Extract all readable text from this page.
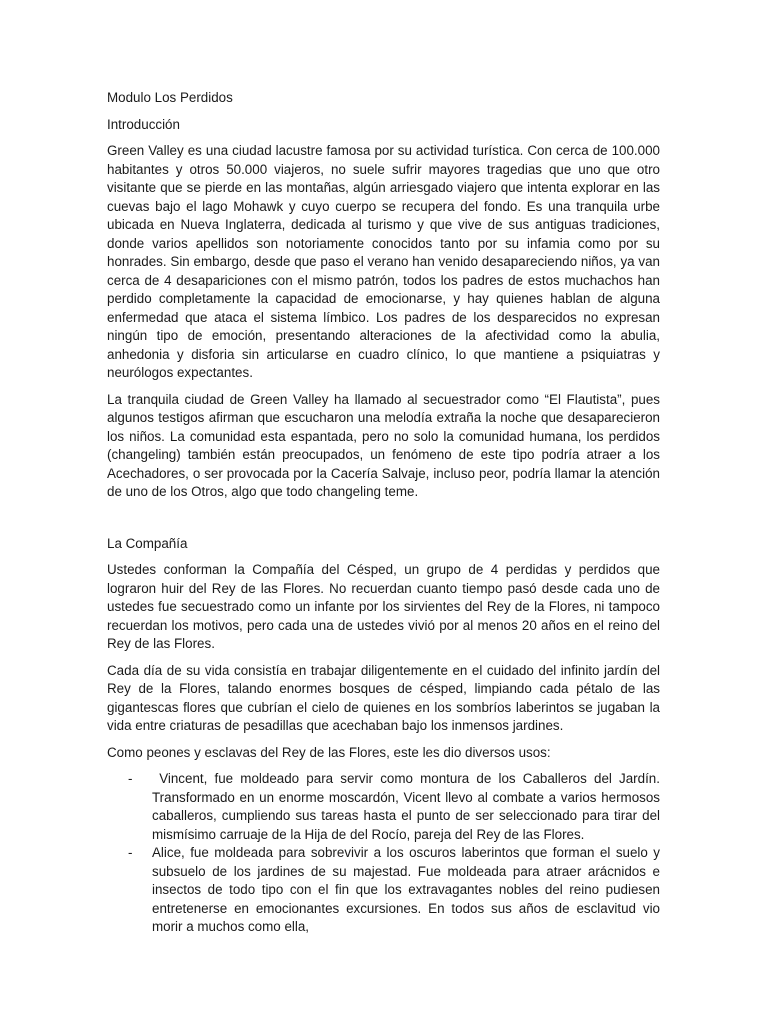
Modulo Los Perdidos

Introducción

Green Valley es una ciudad lacustre famosa por su actividad turística. Con cerca de 100.000 habitantes y otros 50.000 viajeros, no suele sufrir mayores tragedias que uno que otro visitante que se pierde en las montañas, algún arriesgado viajero que intenta explorar en las cuevas bajo el lago Mohawk y cuyo cuerpo se recupera del fondo. Es una tranquila urbe ubicada en Nueva Inglaterra, dedicada al turismo y que vive de sus antiguas tradiciones, donde varios apellidos son notoriamente conocidos tanto por su infamia como por su honrades. Sin embargo, desde que paso el verano han venido desapareciendo niños, ya van cerca de 4 desapariciones con el mismo patrón, todos los padres de estos muchachos han perdido completamente la capacidad de emocionarse, y hay quienes hablan de alguna enfermedad que ataca el sistema límbico. Los padres de los desparecidos no expresan ningún tipo de emoción, presentando alteraciones de la afectividad como la abulia, anhedonia y disforia sin articularse en cuadro clínico, lo que mantiene a psiquiatras y neurólogos expectantes.

La tranquila ciudad de Green Valley ha llamado al secuestrador como “El Flautista”, pues algunos testigos afirman que escucharon una melodía extraña la noche que desaparecieron los niños. La comunidad esta espantada, pero no solo la comunidad humana, los perdidos (changeling) también están preocupados, un fenómeno de este tipo podría atraer a los Acechadores, o ser provocada por la Cacería Salvaje, incluso peor, podría llamar la atención de uno de los Otros, algo que todo changeling teme.

La Compañía

Ustedes conforman la Compañía del Césped, un grupo de 4 perdidas y perdidos que lograron huir del Rey de las Flores. No recuerdan cuanto tiempo pasó desde cada uno de ustedes fue secuestrado como un infante por los sirvientes del Rey de la Flores, ni tampoco recuerdan los motivos, pero cada una de ustedes vivió por al menos 20 años en el reino del Rey de las Flores.

Cada día de su vida consistía en trabajar diligentemente en el cuidado del infinito jardín del Rey de la Flores, talando enormes bosques de césped, limpiando cada pétalo de las gigantescas flores que cubrían el cielo de quienes en los sombríos laberintos se jugaban la vida entre criaturas de pesadillas que acechaban bajo los inmensos jardines.

Como peones y esclavas del Rey de las Flores, este les dio diversos usos:

- Vincent, fue moldeado para servir como montura de los Caballeros del Jardín. Transformado en un enorme moscardón, Vicent llevo al combate a varios hermosos caballeros, cumpliendo sus tareas hasta el punto de ser seleccionado para tirar del mismísimo carruaje de la Hija de del Rocío, pareja del Rey de las Flores.
- Alice, fue moldeada para sobrevivir a los oscuros laberintos que forman el suelo y subsuelo de los jardines de su majestad. Fue moldeada para atraer arácnidos e insectos de todo tipo con el fin que los extravagantes nobles del reino pudiesen entretenerse en emocionantes excursiones. En todos sus años de esclavitud vio morir a muchos como ella,
